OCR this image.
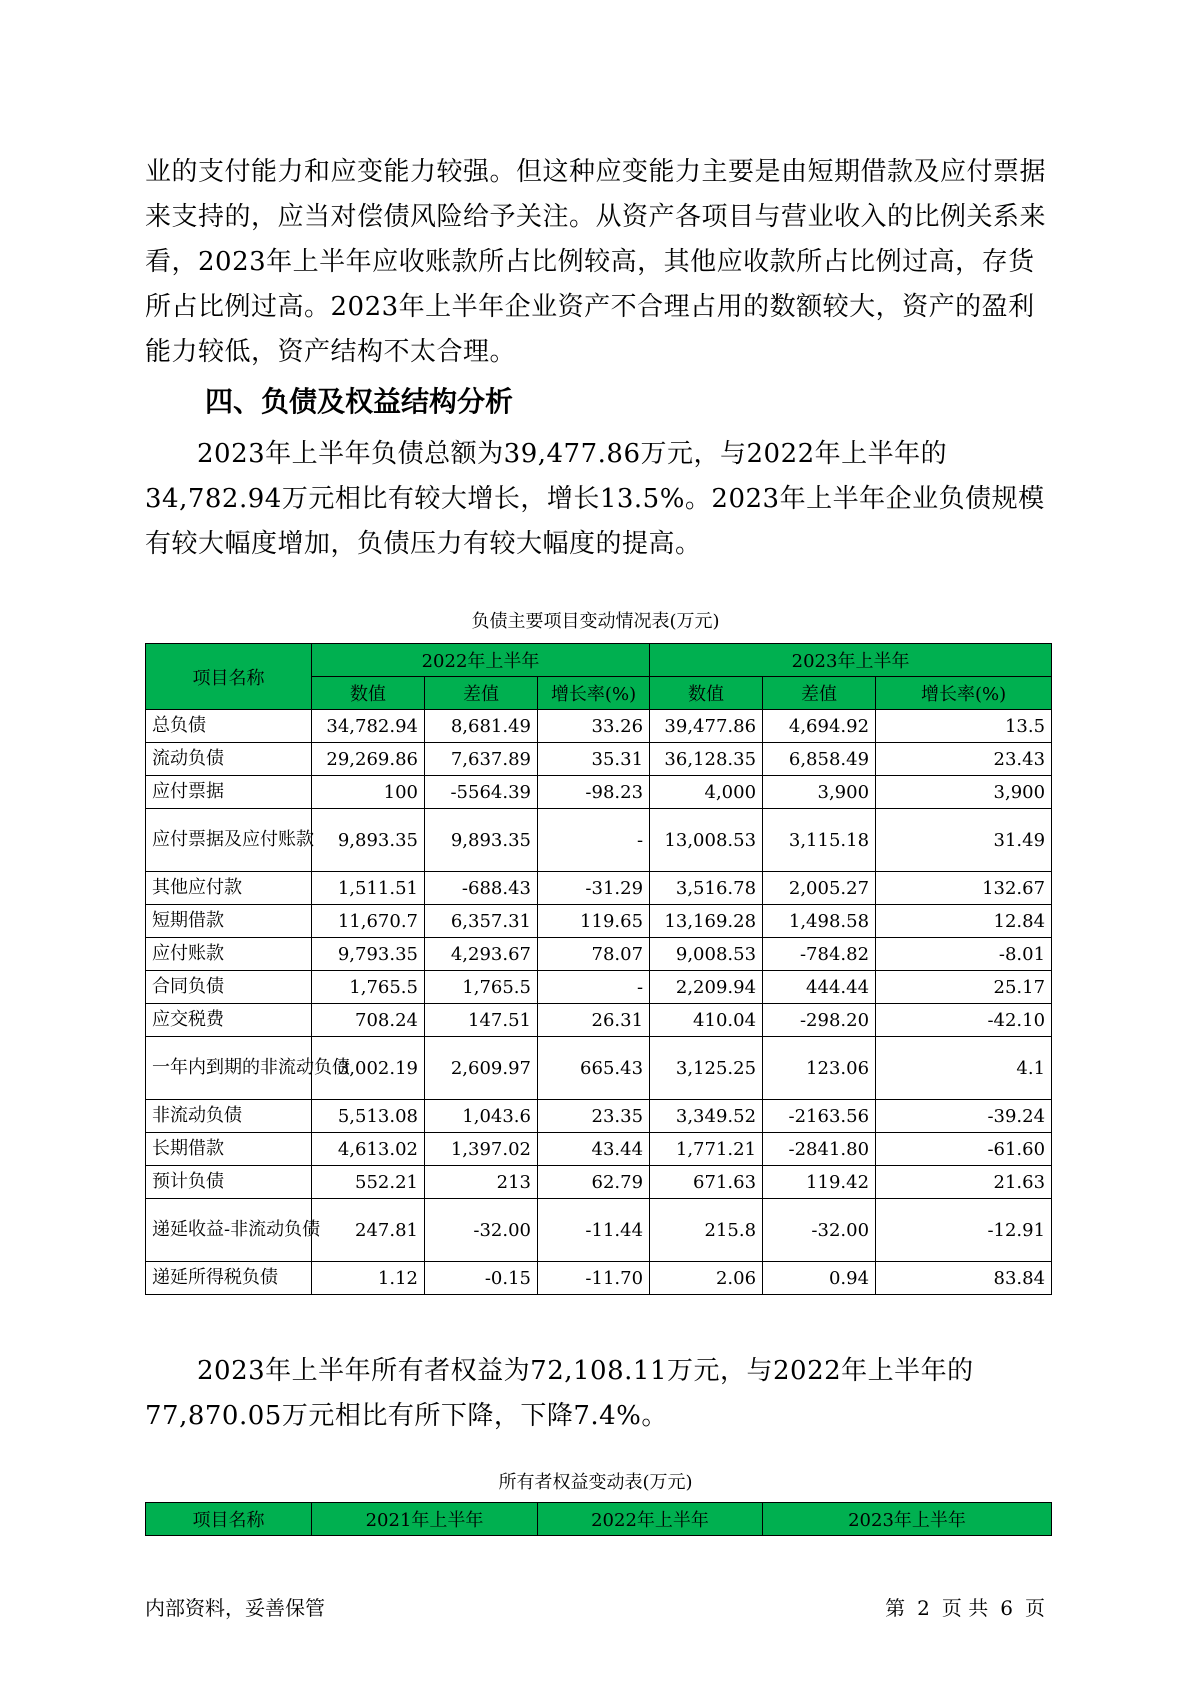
业的支付能力和应变能力较强。但这种应变能力主要是由短期借款及应付票据来支持的，应当对偿债风险给予关注。从资产各项目与营业收入的比例关系来看，2023年上半年应收账款所占比例较高，其他应收款所占比例过高，存货所占比例过高。2023年上半年企业资产不合理占用的数额较大，资产的盈利能力较低，资产结构不太合理。

四、负债及权益结构分析

2023年上半年负债总额为39,477.86万元，与2022年上半年的34,782.94万元相比有较大增长，增长13.5%。2023年上半年企业负债规模有较大幅度增加，负债压力有较大幅度的提高。

负债主要项目变动情况表(万元)
项目名称	2022年上半年			2023年上半年		
	数值	差值	增长率(%)	数值	差值	增长率(%)
总负债	34,782.94	8,681.49	33.26	39,477.86	4,694.92	13.5
流动负债	29,269.86	7,637.89	35.31	36,128.35	6,858.49	23.43
应付票据	100	-5564.39	-98.23	4,000	3,900	3,900
应付票据及应付账款	9,893.35	9,893.35	-	13,008.53	3,115.18	31.49
其他应付款	1,511.51	-688.43	-31.29	3,516.78	2,005.27	132.67
短期借款	11,670.7	6,357.31	119.65	13,169.28	1,498.58	12.84
应付账款	9,793.35	4,293.67	78.07	9,008.53	-784.82	-8.01
合同负债	1,765.5	1,765.5	-	2,209.94	444.44	25.17
应交税费	708.24	147.51	26.31	410.04	-298.20	-42.10
一年内到期的非流动负债	3,002.19	2,609.97	665.43	3,125.25	123.06	4.1
非流动负债	5,513.08	1,043.6	23.35	3,349.52	-2163.56	-39.24
长期借款	4,613.02	1,397.02	43.44	1,771.21	-2841.80	-61.60
预计负债	552.21	213	62.79	671.63	119.42	21.63
递延收益-非流动负债	247.81	-32.00	-11.44	215.8	-32.00	-12.91
递延所得税负债	1.12	-0.15	-11.70	2.06	0.94	83.84

2023年上半年所有者权益为72,108.11万元，与2022年上半年的77,870.05万元相比有所下降，下降7.4%。

所有者权益变动表(万元)
项目名称	2021年上半年	2022年上半年	2023年上半年
内部资料，妥善保管	第 2 页 共 6 页
